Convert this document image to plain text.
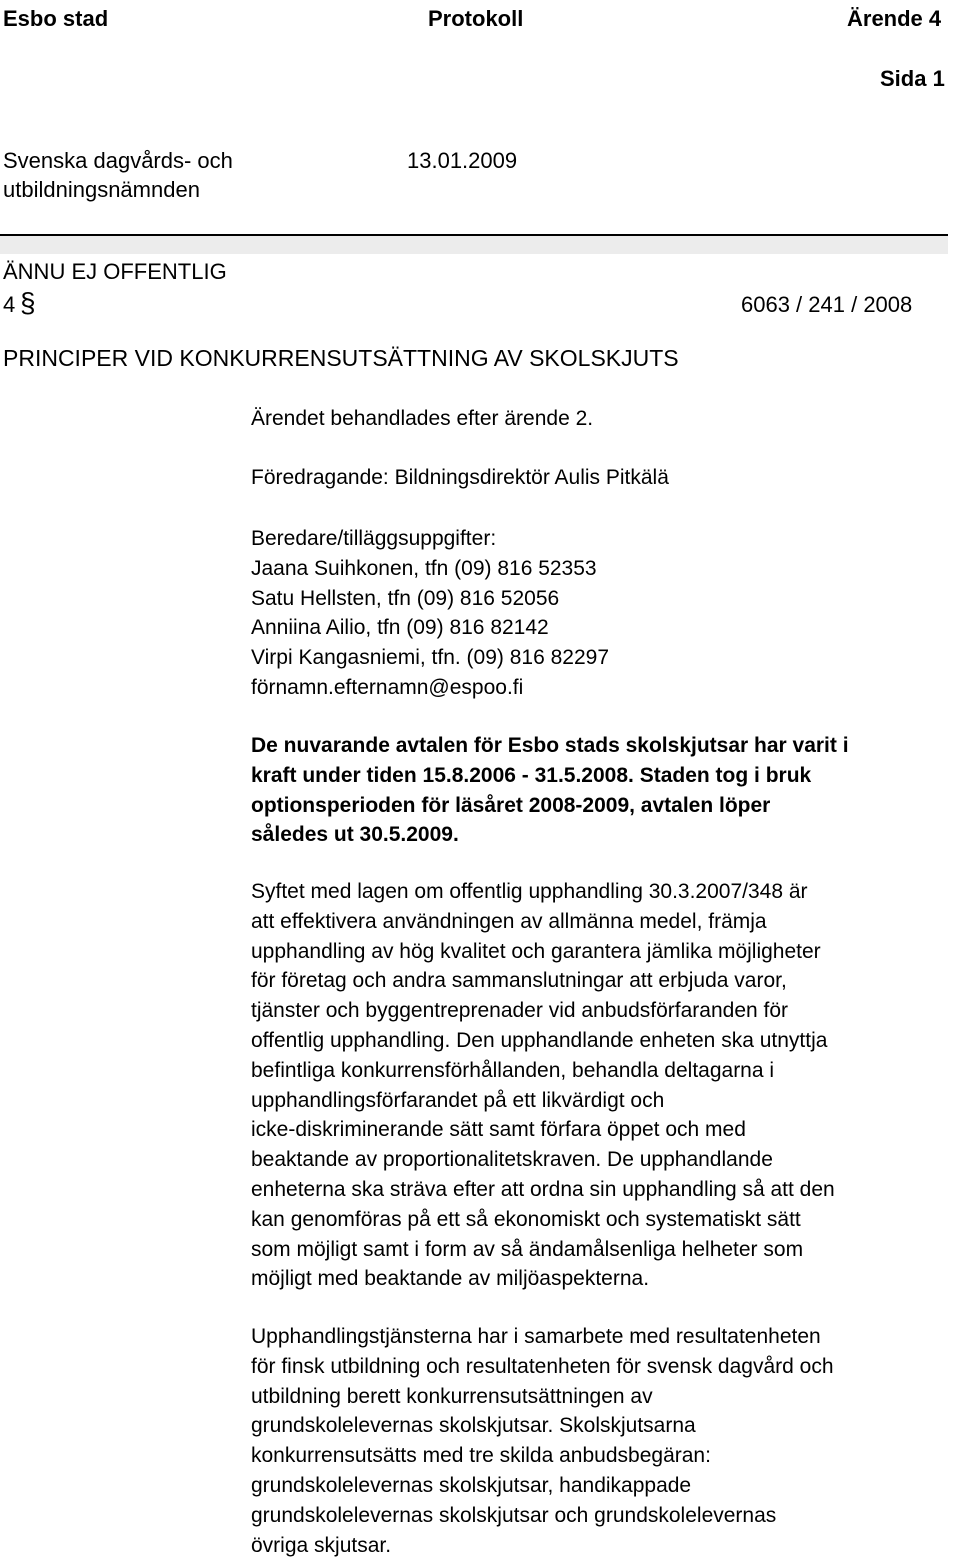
Esbo stad	Protokoll	Ärende 4
Sida 1
Svenska dagvårds- och
utbildningsnämnden
13.01.2009
ÄNNU EJ OFFENTLIG
4 §	6063 / 241 / 2008
PRINCIPER VID KONKURRENSUTSÄTTNING AV SKOLSKJUTS
Ärendet behandlades efter ärende 2.
Föredragande: Bildningsdirektör Aulis Pitkälä
Beredare/tilläggsuppgifter:
Jaana Suihkonen, tfn (09) 816 52353
Satu Hellsten, tfn (09) 816 52056
Anniina Ailio, tfn (09) 816 82142
Virpi Kangasniemi, tfn. (09) 816 82297
förnamn.efternamn@espoo.fi
De nuvarande avtalen för Esbo stads skolskjutsar har varit i
kraft under tiden 15.8.2006 - 31.5.2008. Staden tog i bruk
optionsperioden för läsåret 2008-2009, avtalen löper
således ut 30.5.2009.
Syftet med lagen om offentlig upphandling 30.3.2007/348 är
att effektivera användningen av allmänna medel, främja
upphandling av hög kvalitet och garantera jämlika möjligheter
för företag och andra sammanslutningar att erbjuda varor,
tjänster och byggentreprenader vid anbudsförfaranden för
offentlig upphandling. Den upphandlande enheten ska utnyttja
befintliga konkurrensförhållanden, behandla deltagarna i
upphandlingsförfarandet på ett likvärdigt och
icke-diskriminerande sätt samt förfara öppet och med
beaktande av proportionalitetskraven. De upphandlande
enheterna ska sträva efter att ordna sin upphandling så att den
kan genomföras på ett så ekonomiskt och systematiskt sätt
som möjligt samt i form av så ändamålsenliga helheter som
möjligt med beaktande av miljöaspekterna.
Upphandlingstjänsterna har i samarbete med resultatenheten
för finsk utbildning och resultatenheten för svensk dagvård och
utbildning berett konkurrensutsättningen av
grundskolelevernas skolskjutsar. Skolskjutsarna
konkurrensutsätts med tre skilda anbudsbegäran:
grundskolelevernas skolskjutsar, handikappade
grundskolelevernas skolskjutsar och grundskolelevernas
övriga skjutsar.
